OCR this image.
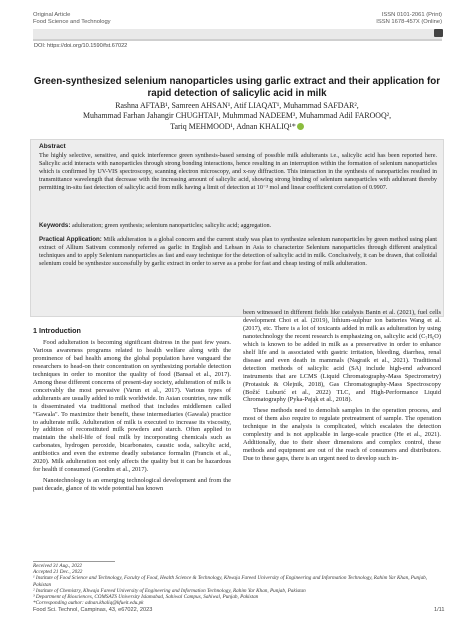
Original Article
Food Science and Technology
ISSN 0101-2061 (Print)
ISSN 1678-457X (Online)
DOI: https://doi.org/10.1590/fst.67022
Green-synthesized selenium nanoparticles using garlic extract and their application for rapid detection of salicylic acid in milk
Rashna AFTAB¹, Samreen AHSAN¹, Atif LIAQAT¹, Muhammad SAFDAR²,
Muhammad Farhan Jahangir CHUGHTAI¹, Muhmmad NADEEM³, Muhammad Adil FAROOQ²,
Tariq MEHMOOD¹, Adnan KHALIQ¹*
Abstract
The highly selective, sensitive, and quick interference green synthesis-based sensing of possible milk adulterants i.e., salicylic acid has been reported here. Salicylic acid interacts with nanoparticles through strong bonding interactions, hence resulting in an interruption within the formation of selenium nanoparticles which is confirmed by UV-VIS spectroscopy, scanning electron microscopy, and x-ray diffraction. This interaction in the synthesis of nanoparticles resulted in transmittance wavelength that decrease with the increasing amount of salicylic acid, showing strong binding of selenium nanoparticles with adulterant thereby permitting in-situ fast detection of salicylic acid from milk having a limit of detection at 10⁻³ mol and linear coefficient correlation of 0.9907.
Keywords: adulteration; green synthesis; selenium nanoparticles; salicylic acid; aggregation.
Practical Application: Milk adulteration is a global concern and the current study was plan to synthesize selenium nanoparticles by green method using plant extract of Allium Sativum commonly referred as garlic in English and Lehsan in Asia to characterize Selenium nanoparticles through different analytical techniques and to apply Selenium nanoparticles as fast and easy technique for the detection of salicylic acid in milk. Conclusively, it can be drawn, that colloidal selenium could be synthesize successfully by garlic extract in order to serve as a probe for fast and cheap testing of milk adulteration.
1 Introduction

Food adulteration is becoming significant distress in the past few years. Various awareness programs related to health welfare along with the prominence of bad health among the global population have vanguard the researchers to head-on their concentration on synthesizing portable detection techniques in order to monitor the quality of food (Bansal et al., 2017). Among these different concerns of present-day society, adulteration of milk is conceivably the most pervasive (Varun et al., 2017). Various types of adulterants are usually added to milk worldwide. In Asian countries, raw milk is disseminated via traditional method that includes middlemen called "Gawala". To maximize their benefit, these intermediaries (Gawala) practice to adulterate milk. Adulteration of milk is executed to increase its viscosity, by addition of reconstituted milk powders and starch. Often applied to maintain the shelf-life of foul milk by incorporating chemicals such as carbonates, hydrogen peroxide, bicarbonates, caustic soda, salicylic acid, antibiotics and even the extreme deadly substance formalin (Francis et al., 2020). Milk adulteration not only affects the quality but it can be hazardous for health if consumed (Gondim et al., 2017).

Nanotechnology is an emerging technological development and from the past decade, glance of its wide potential has known

been witnessed in different fields like catalysis Banin et al. (2021), fuel cells development Choi et al. (2019), lithium-sulphur ion batteries Wang et al. (2017), etc. There is a lot of toxicants added in milk as adulteration by using nanotechnology the recent research is emphasizing on, salicylic acid (C₇H₆O) which is known to be added in milk as a preservative in order to enhance shelf life and is associated with gastric irritation, bleeding, diarrhea, renal disease and even death in mammals (Nagraik et al., 2021). Traditional detection methods of salicylic acid (SA) include high-end advanced instruments that are LCMS (Liquid Chromatography-Mass Spectrometry) (Protasiuk & Olejnik, 2018), Gas Chromatography-Mass Spectroscopy (Božić Luburić et al., 2022) TLC, and High-Performance Liquid Chromatography (Pyka-Pająk et al., 2018).

These methods need to demolish samples in the operation process, and most of them also require to regulate pretreatment of sample. The operation technique in the analysis is complicated, which escalates the detection complexity and is not applicable in large-scale practice (He et al., 2021). Additionally, due to their sheer dimensions and complex control, these methods and equipment are out of the reach of consumers and distributors. Due to these gaps, there is an urgent need to develop such in-

Received 31 Aug., 2022
Accepted 21 Dec., 2022
¹ Institute of Food Science and Technology, Faculty of Food, Health Science & Technology, Khwaja Fareed University of Engineering and Information Technology, Rahim Yar Khan, Punjab, Pakistan
² Institute of Chemistry, Khwaja Fareed University of Engineering and Information Technology, Rahim Yar Khan, Punjab, Pakistan
³ Department of Biosciences, COMSATS University Islamabad, Sahiwal Campus, Sahiwal, Punjab, Pakistan
*Corresponding author: adnan.khaliq@kfueit.edu.pk
Food Sci. Technol, Campinas, 43, e67022, 2023	1/11
